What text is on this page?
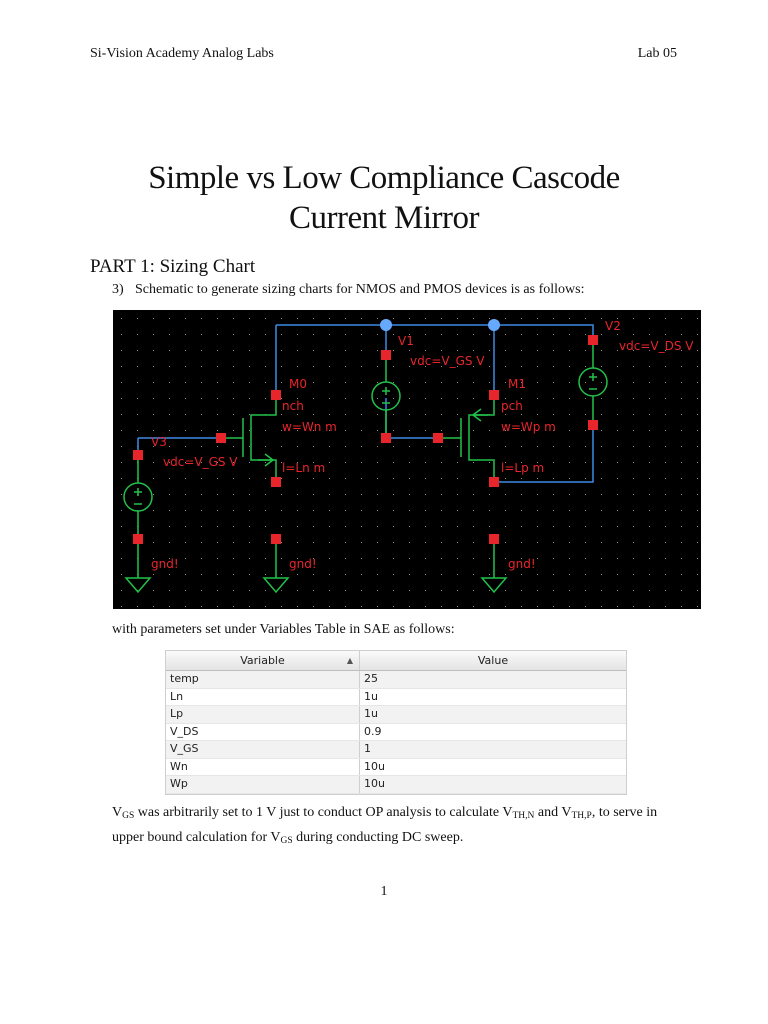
Si-Vision Academy Analog Labs	Lab 05
Simple vs Low Compliance Cascode
Current Mirror
PART 1: Sizing Chart
3) Schematic to generate sizing charts for NMOS and PMOS devices is as follows:
V3
vdc=V_GS V
M0
nch
w=Wn m
l=Ln m
V1
vdc=V_GS V
M1
pch
w=Wp m
l=Lp m
V2
vdc=V_DS V
gnd!	gnd!	gnd!
with parameters set under Variables Table in SAE as follows:
Variable	▲	Value
temp	25
Ln	1u
Lp	1u
V_DS	0.9
V_GS	1
Wn	10u
Wp	10u
$V_{GS}$ was arbitrarily set to 1 V just to conduct OP analysis to calculate $V_{TH,N}$ and $V_{TH,P}$, to serve in upper bound calculation for $V_{GS}$ during conducting DC sweep.
1
